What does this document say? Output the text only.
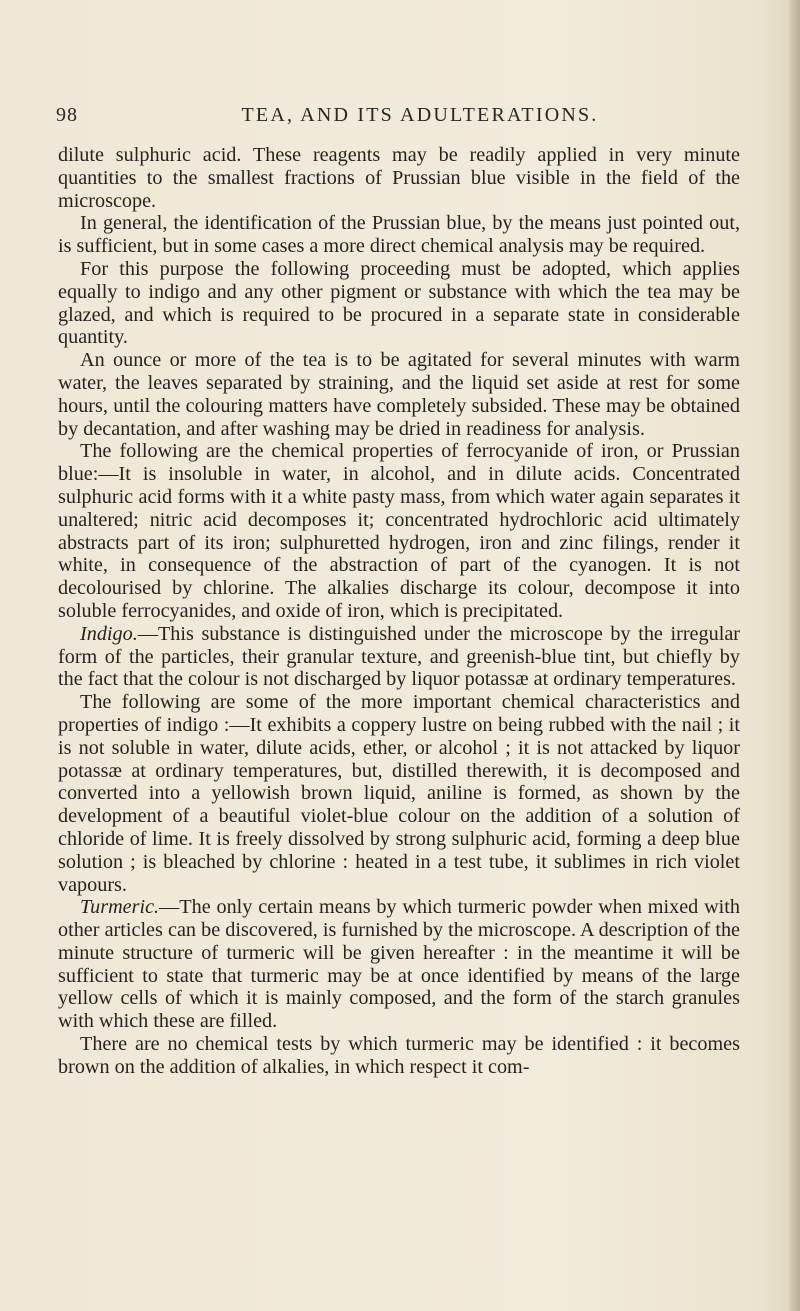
98	TEA, AND ITS ADULTERATIONS.

dilute sulphuric acid. These reagents may be readily applied in very minute quantities to the smallest fractions of Prussian blue visible in the field of the microscope.

In general, the identification of the Prussian blue, by the means just pointed out, is sufficient, but in some cases a more direct chemical analysis may be required.

For this purpose the following proceeding must be adopted, which applies equally to indigo and any other pigment or substance with which the tea may be glazed, and which is required to be procured in a separate state in considerable quantity.

An ounce or more of the tea is to be agitated for several minutes with warm water, the leaves separated by straining, and the liquid set aside at rest for some hours, until the colouring matters have completely subsided. These may be obtained by decantation, and after washing may be dried in readiness for analysis.

The following are the chemical properties of ferrocyanide of iron, or Prussian blue:—It is insoluble in water, in alcohol, and in dilute acids. Concentrated sulphuric acid forms with it a white pasty mass, from which water again separates it unaltered; nitric acid decomposes it; concentrated hydrochloric acid ultimately abstracts part of its iron; sulphuretted hydrogen, iron and zinc filings, render it white, in consequence of the abstraction of part of the cyanogen. It is not decolourised by chlorine. The alkalies discharge its colour, decompose it into soluble ferrocyanides, and oxide of iron, which is precipitated.

Indigo.—This substance is distinguished under the microscope by the irregular form of the particles, their granular texture, and greenish-blue tint, but chiefly by the fact that the colour is not discharged by liquor potassæ at ordinary temperatures.

The following are some of the more important chemical characteristics and properties of indigo :—It exhibits a coppery lustre on being rubbed with the nail ; it is not soluble in water, dilute acids, ether, or alcohol ; it is not attacked by liquor potassæ at ordinary temperatures, but, distilled therewith, it is decomposed and converted into a yellowish brown liquid, aniline is formed, as shown by the development of a beautiful violet-blue colour on the addition of a solution of chloride of lime. It is freely dissolved by strong sulphuric acid, forming a deep blue solution ; is bleached by chlorine : heated in a test tube, it sublimes in rich violet vapours.

Turmeric.—The only certain means by which turmeric powder when mixed with other articles can be discovered, is furnished by the microscope. A description of the minute structure of turmeric will be given hereafter : in the meantime it will be sufficient to state that turmeric may be at once identified by means of the large yellow cells of which it is mainly composed, and the form of the starch granules with which these are filled.

There are no chemical tests by which turmeric may be identified : it becomes brown on the addition of alkalies, in which respect it com-
